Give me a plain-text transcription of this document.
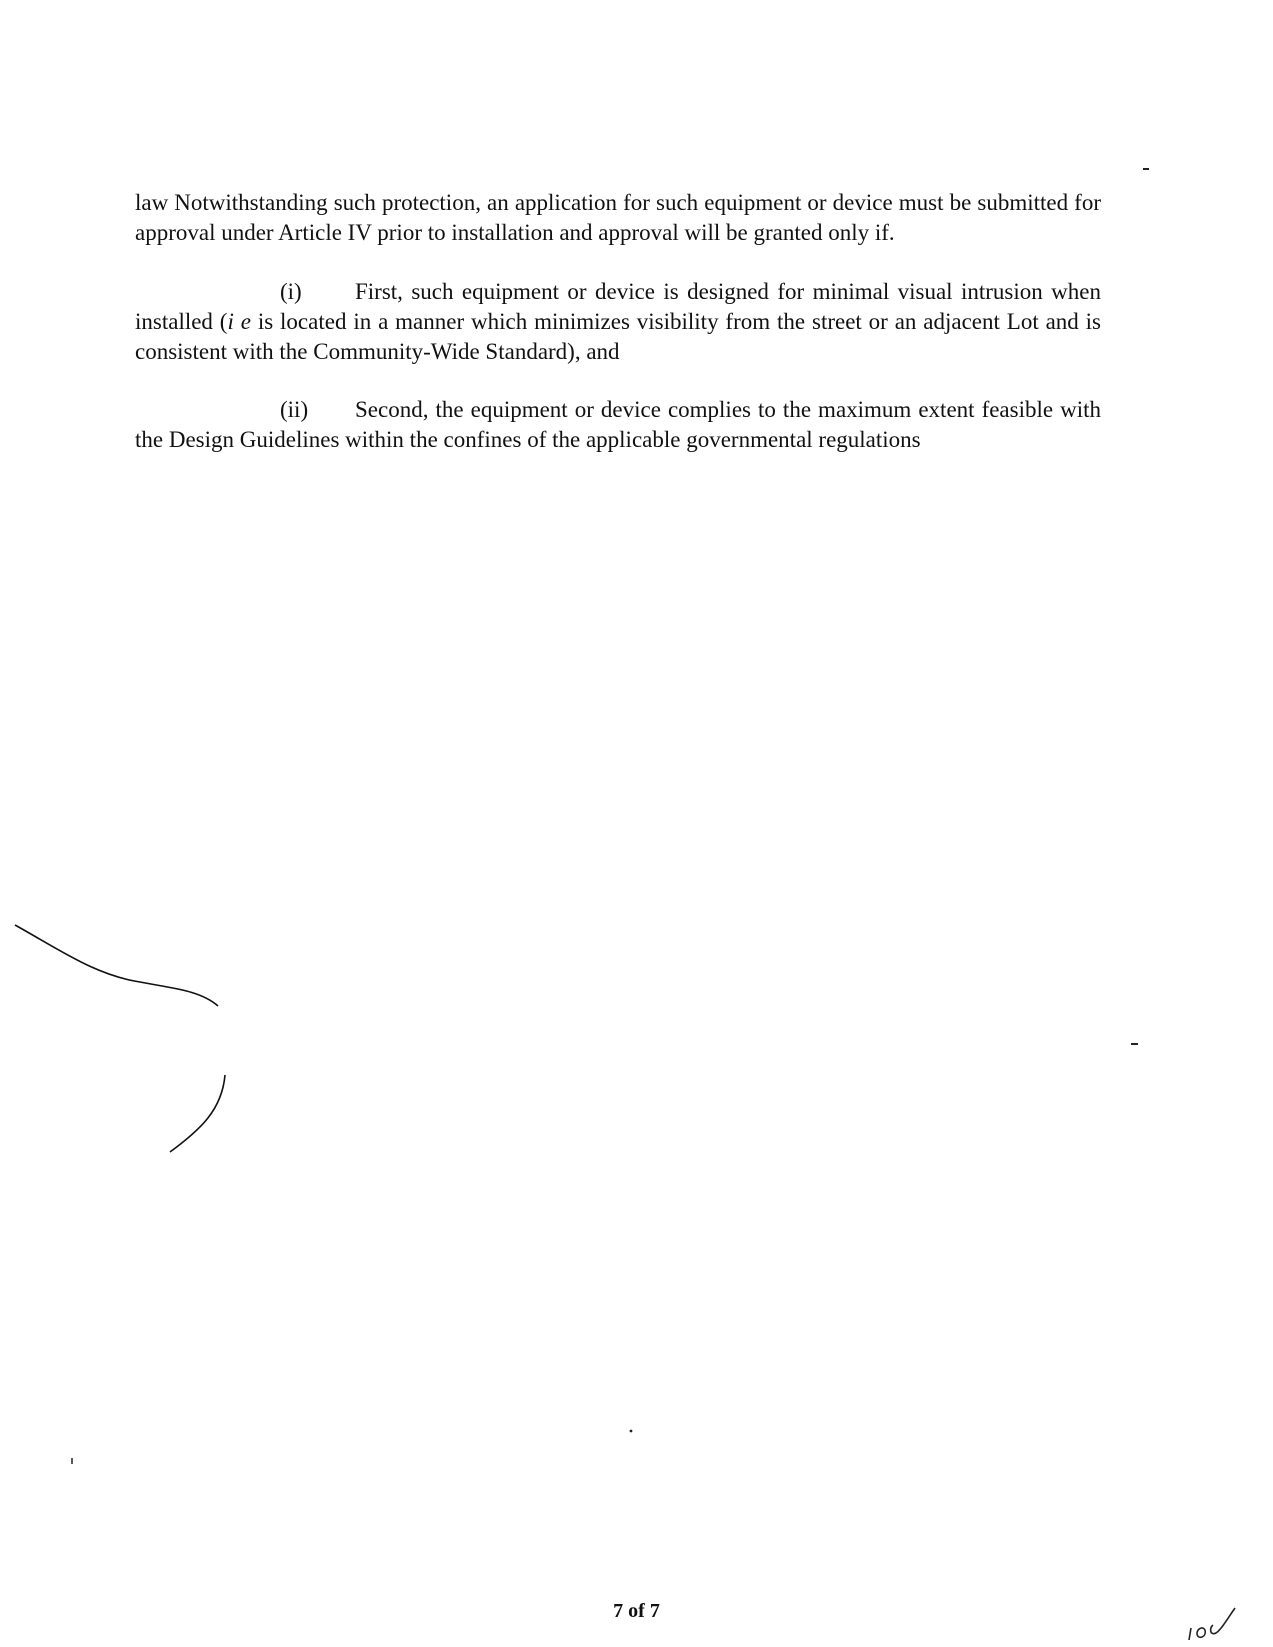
law Notwithstanding such protection, an application for such equipment or device must be submitted for approval under Article IV prior to installation and approval will be granted only if.

(i) First, such equipment or device is designed for minimal visual intrusion when installed (i e is located in a manner which minimizes visibility from the street or an adjacent Lot and is consistent with the Community-Wide Standard), and

(ii) Second, the equipment or device complies to the maximum extent feasible with the Design Guidelines within the confines of the applicable governmental regulations

7 of 7
